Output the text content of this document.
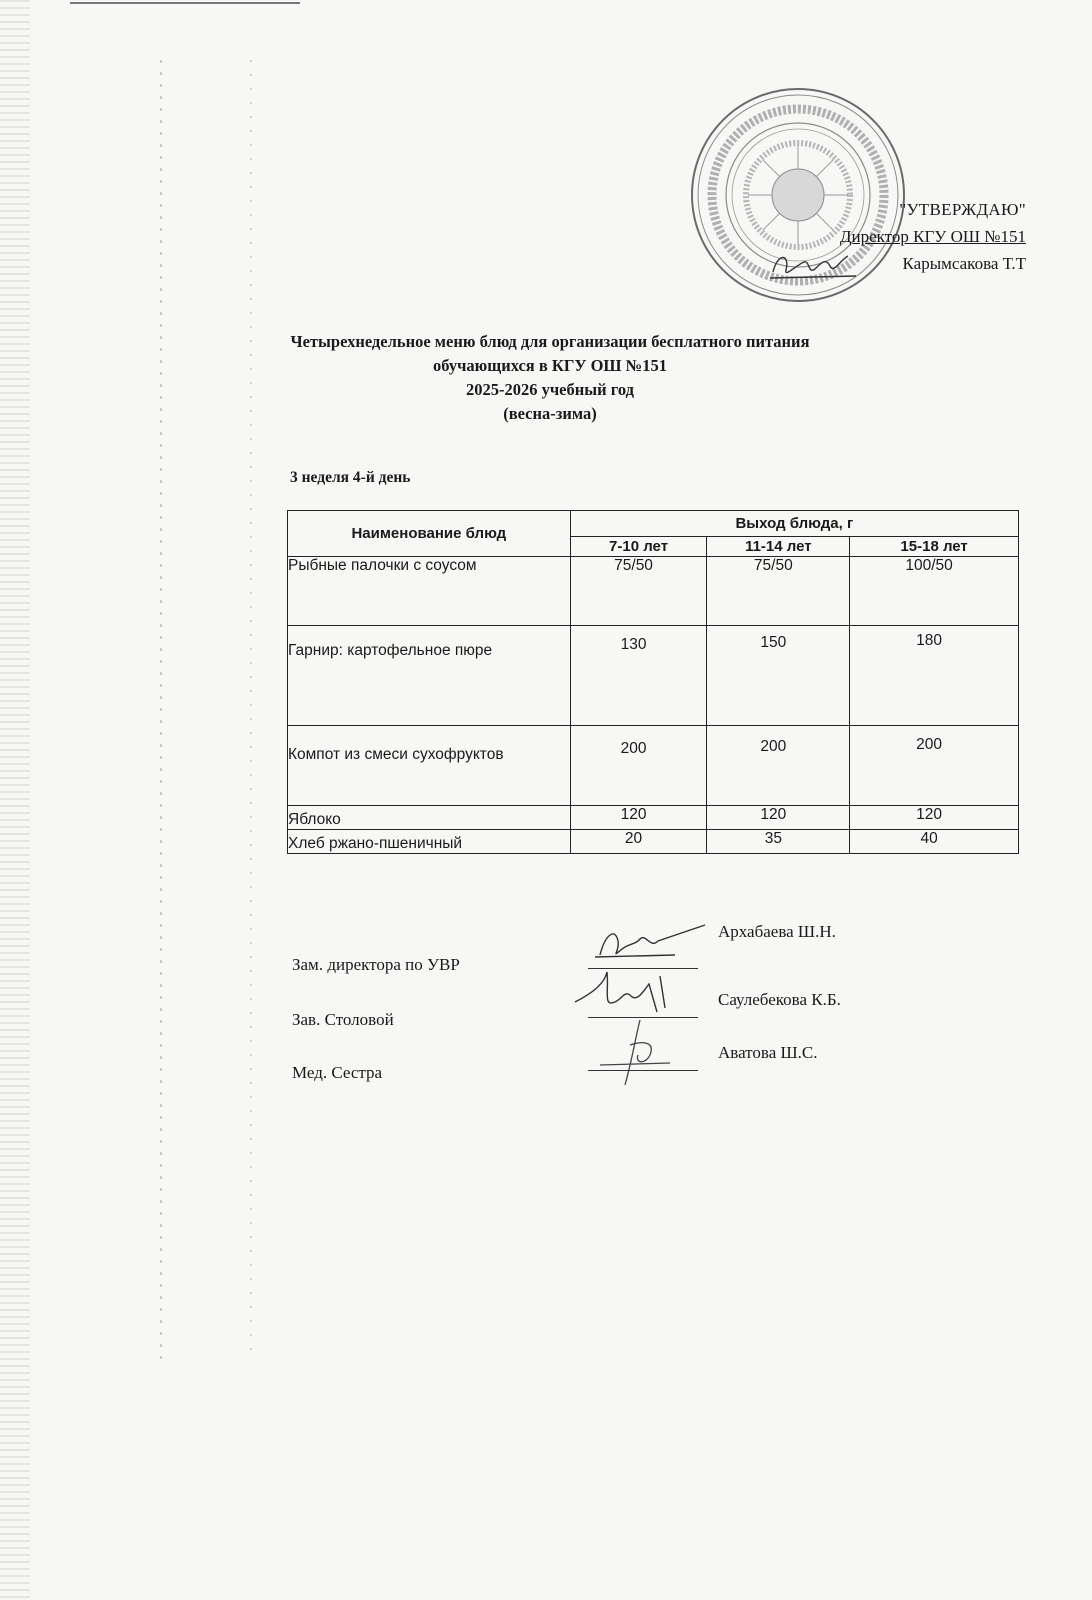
"УТВЕРЖДАЮ"
Директор КГУ ОШ №151
Карымсакова Т.Т
Четырехнедельное меню блюд для организации бесплатного питания
обучающихся в КГУ ОШ №151
2025-2026 учебный год
(весна-зима)
3 неделя 4-й день
Наименование блюд	Выход блюда, г		
	7-10 лет	11-14 лет	15-18 лет
Рыбные палочки с соусом	75/50	75/50	100/50
Гарнир: картофельное пюре	130	150	180
Компот из смеси сухофруктов	200	200	200
Яблоко	120	120	120
Хлеб ржано-пшеничный	20	35	40
Зам. директора по УВР
Архабаева Ш.Н.
Зав. Столовой
Саулебекова К.Б.
Мед. Сестра
Аватова Ш.С.
